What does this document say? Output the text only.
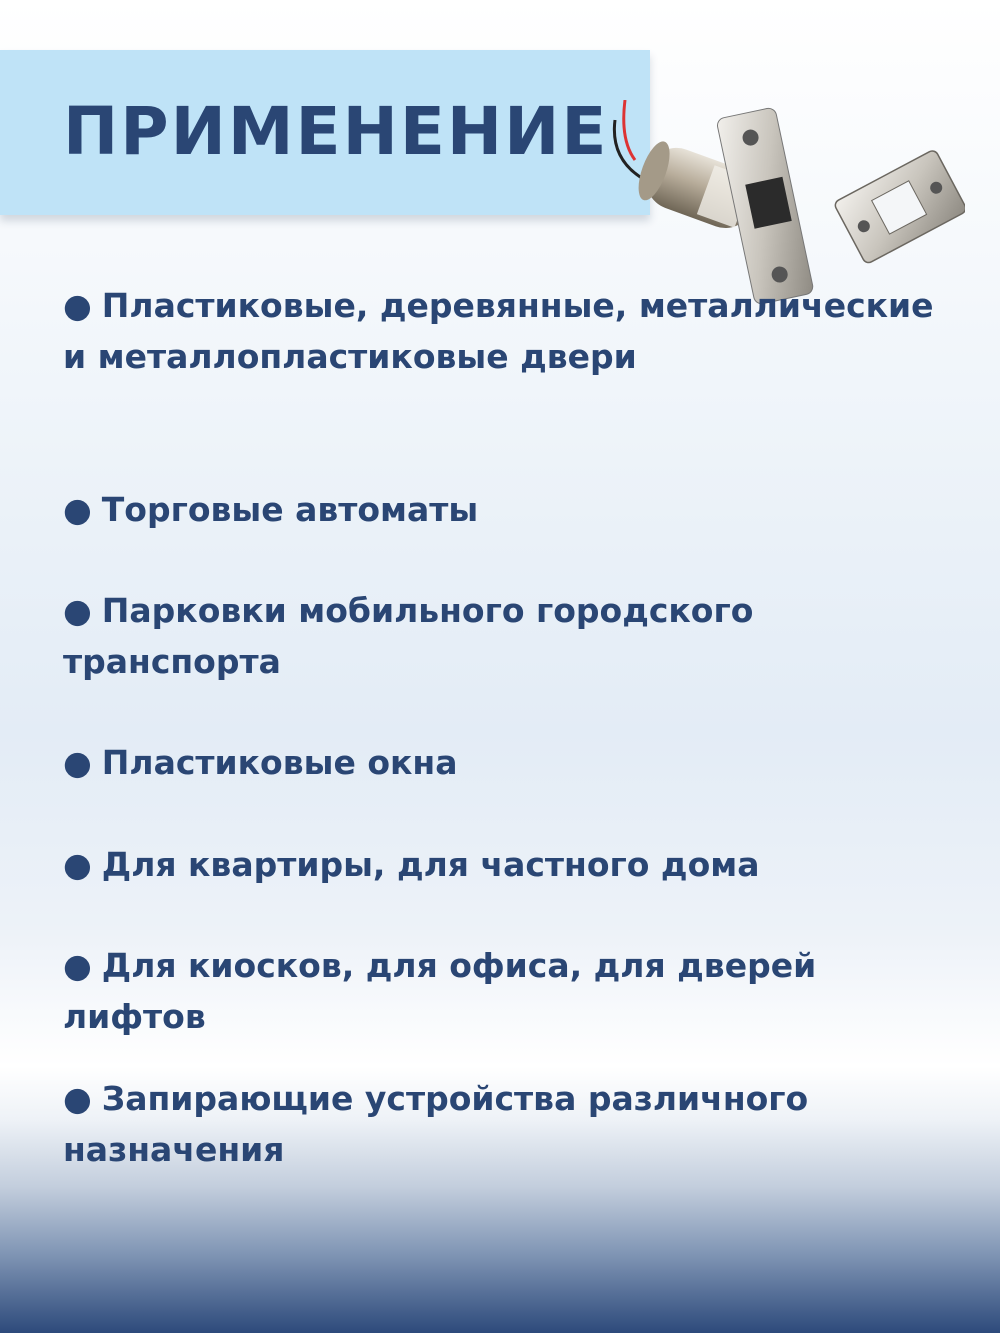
ПРИМЕНЕНИЕ
● Пластиковые, деревянные, металлические и металлопластиковые двери
● Торговые автоматы
● Парковки мобильного городского транспорта
● Пластиковые окна
● Для квартиры, для частного дома
● Для киосков, для офиса, для дверей лифтов
● Запирающие устройства различного назначения
